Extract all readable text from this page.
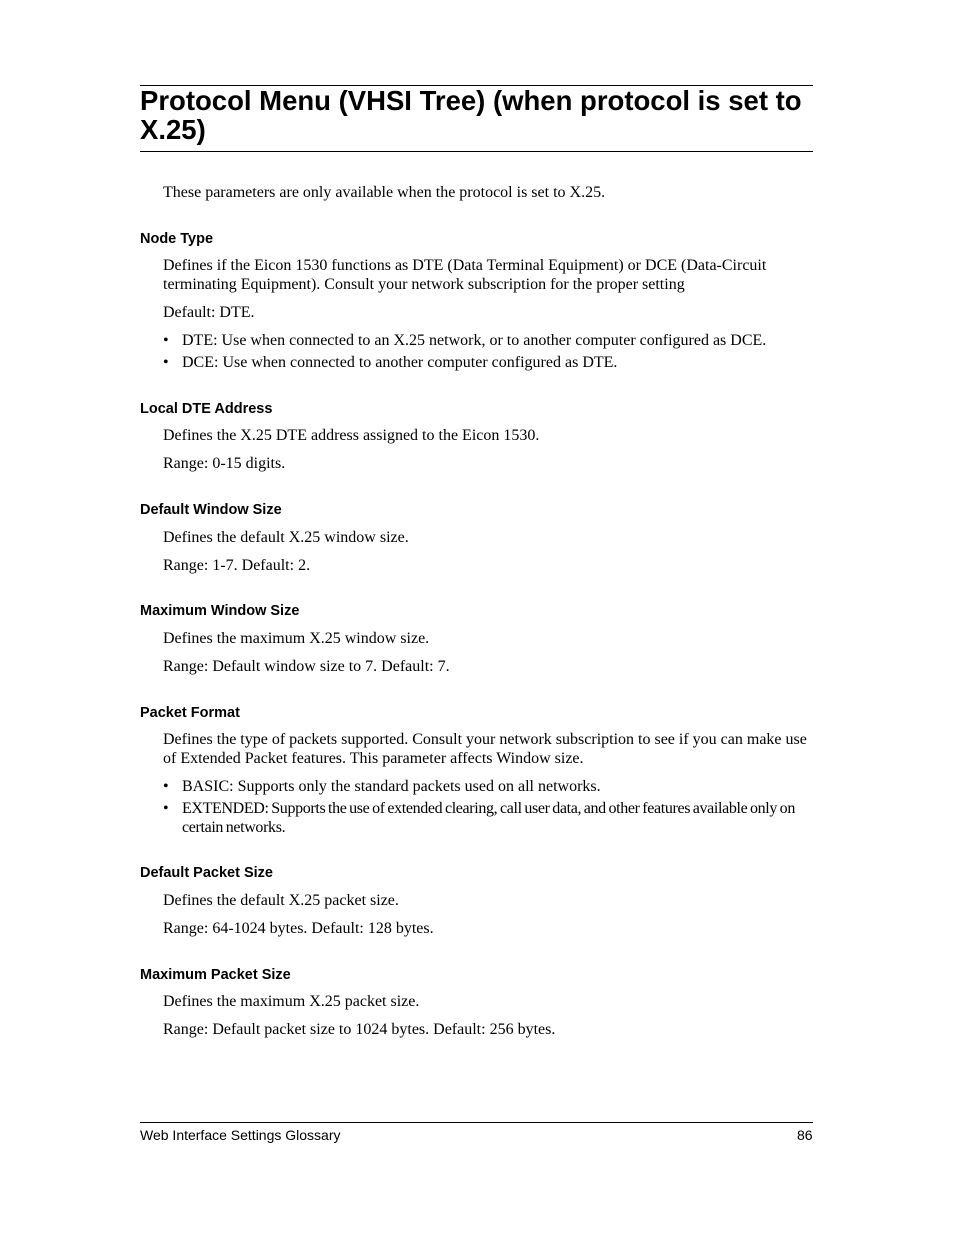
Protocol Menu (VHSI Tree) (when protocol is set to X.25)

These parameters are only available when the protocol is set to X.25.

Node Type

Defines if the Eicon 1530 functions as DTE (Data Terminal Equipment) or DCE (Data-Circuit terminating Equipment). Consult your network subscription for the proper setting

Default: DTE.

• DTE: Use when connected to an X.25 network, or to another computer configured as DCE.

• DCE: Use when connected to another computer configured as DTE.

Local DTE Address

Defines the X.25 DTE address assigned to the Eicon 1530.

Range: 0-15 digits.

Default Window Size

Defines the default X.25 window size.

Range: 1-7. Default: 2.

Maximum Window Size

Defines the maximum X.25 window size.

Range: Default window size to 7. Default: 7.

Packet Format

Defines the type of packets supported. Consult your network subscription to see if you can make use of Extended Packet features. This parameter affects Window size.

• BASIC: Supports only the standard packets used on all networks.

• EXTENDED: Supports the use of extended clearing, call user data, and other features available only on certain networks.

Default Packet Size

Defines the default X.25 packet size.

Range: 64-1024 bytes. Default: 128 bytes.

Maximum Packet Size

Defines the maximum X.25 packet size.

Range: Default packet size to 1024 bytes. Default: 256 bytes.

Web Interface Settings Glossary	86
